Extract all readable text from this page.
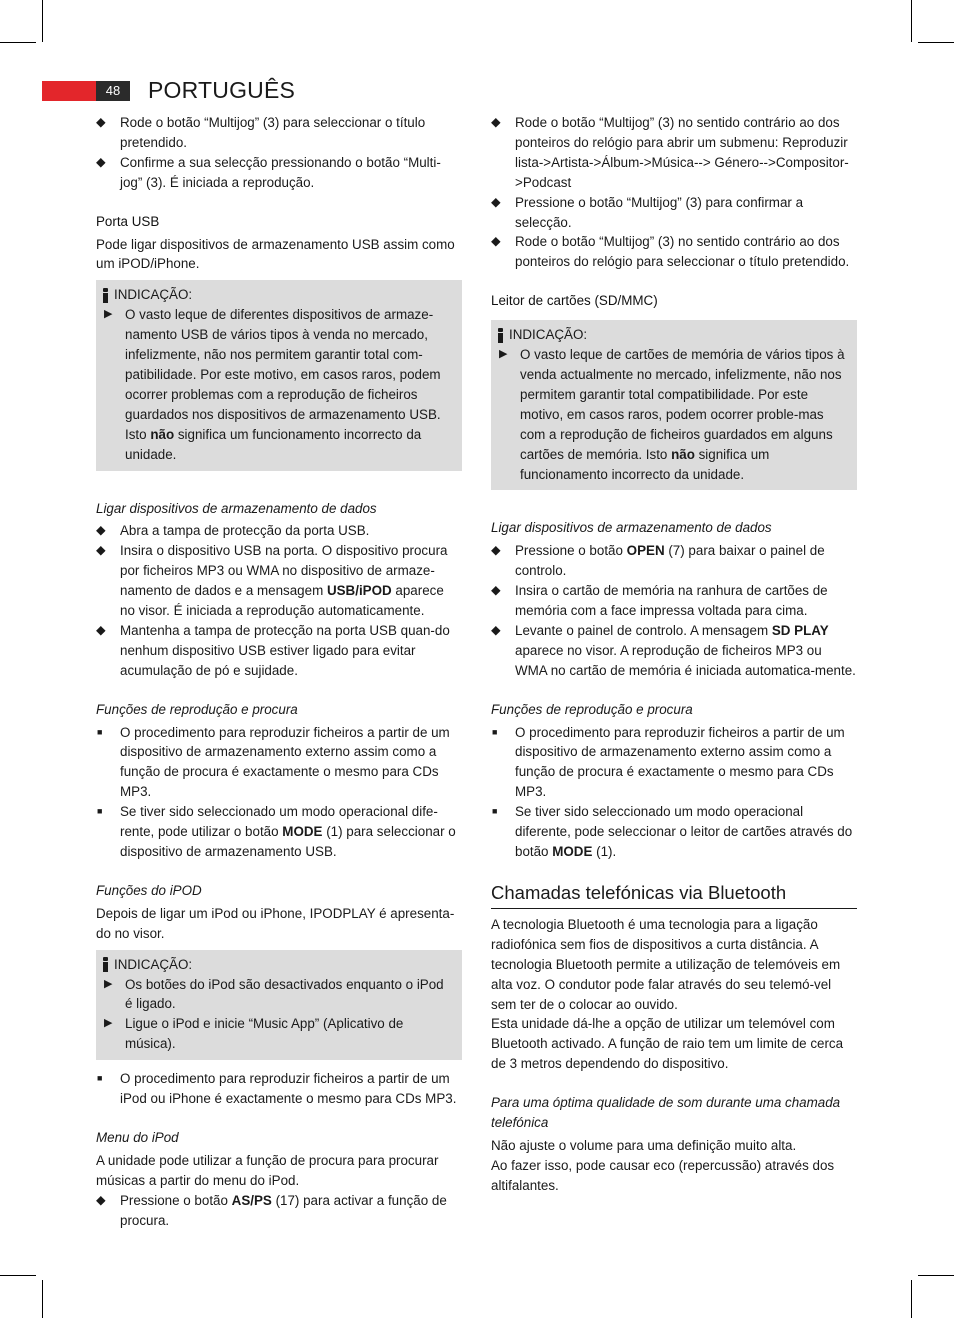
48	PORTUGUÊS
◆ Rode o botão “Multijog” (3) para seleccionar o título pretendido.
◆ Confirme a sua selecção pressionando o botão “Multi-jog” (3). É iniciada a reprodução.

Porta USB

Pode ligar dispositivos de armazenamento USB assim como um iPOD/iPhone.

INDICAÇÃO:
▶ O vasto leque de diferentes dispositivos de armaze-namento USB de vários tipos à venda no mercado, infelizmente, não nos permitem garantir total com-patibilidade. Por este motivo, em casos raros, podem ocorrer problemas com a reprodução de ficheiros guardados nos dispositivos de armazenamento USB. Isto não significa um funcionamento incorrecto da unidade.

Ligar dispositivos de armazenamento de dados

◆ Abra a tampa de protecção da porta USB.
◆ Insira o dispositivo USB na porta. O dispositivo procura por ficheiros MP3 ou WMA no dispositivo de armaze-namento de dados e a mensagem USB/iPOD aparece no visor. É iniciada a reprodução automaticamente.
◆ Mantenha a tampa de protecção na porta USB quan-do nenhum dispositivo USB estiver ligado para evitar acumulação de pó e sujidade.

Funções de reprodução e procura

■ O procedimento para reproduzir ficheiros a partir de um dispositivo de armazenamento externo assim como a função de procura é exactamente o mesmo para CDs MP3.
■ Se tiver sido seleccionado um modo operacional dife-rente, pode utilizar o botão MODE (1) para seleccionar o dispositivo de armazenamento USB.

Funções do iPOD

Depois de ligar um iPod ou iPhone, IPODPLAY é apresenta-do no visor.

INDICAÇÃO:
▶ Os botões do iPod são desactivados enquanto o iPod é ligado.
▶ Ligue o iPod e inicie “Music App” (Aplicativo de música).
■ O procedimento para reproduzir ficheiros a partir de um iPod ou iPhone é exactamente o mesmo para CDs MP3.

Menu do iPod

A unidade pode utilizar a função de procura para procurar músicas a partir do menu do iPod.

◆ Pressione o botão AS/PS (17) para activar a função de procura.
◆ Rode o botão “Multijog” (3) no sentido contrário ao dos ponteiros do relógio para abrir um submenu: Reproduzir lista->Artista->Álbum->Música--> Género-->Compositor->Podcast
◆ Pressione o botão “Multijog” (3) para confirmar a selecção.
◆ Rode o botão “Multijog” (3) no sentido contrário ao dos ponteiros do relógio para seleccionar o título pretendido.

Leitor de cartões (SD/MMC)

INDICAÇÃO:
▶ O vasto leque de cartões de memória de vários tipos à venda actualmente no mercado, infelizmente, não nos permitem garantir total compatibilidade. Por este motivo, em casos raros, podem ocorrer proble-mas com a reprodução de ficheiros guardados em alguns cartões de memória. Isto não significa um funcionamento incorrecto da unidade.

Ligar dispositivos de armazenamento de dados

◆ Pressione o botão OPEN (7) para baixar o painel de controlo.
◆ Insira o cartão de memória na ranhura de cartões de memória com a face impressa voltada para cima.
◆ Levante o painel de controlo. A mensagem SD PLAY aparece no visor. A reprodução de ficheiros MP3 ou WMA no cartão de memória é iniciada automatica-mente.

Funções de reprodução e procura

■ O procedimento para reproduzir ficheiros a partir de um dispositivo de armazenamento externo assim como a função de procura é exactamente o mesmo para CDs MP3.
■ Se tiver sido seleccionado um modo operacional diferente, pode seleccionar o leitor de cartões através do botão MODE (1).
Chamadas telefónicas via Bluetooth

A tecnologia Bluetooth é uma tecnologia para a ligação radiofónica sem fios de dispositivos a curta distância. A tecnologia Bluetooth permite a utilização de telemóveis em alta voz. O condutor pode falar através do seu telemó-vel sem ter de o colocar ao ouvido.

Esta unidade dá-lhe a opção de utilizar um telemóvel com Bluetooth activado. A função de raio tem um limite de cerca de 3 metros dependendo do dispositivo.

Para uma óptima qualidade de som durante uma chamada telefónica

Não ajuste o volume para uma definição muito alta.

Ao fazer isso, pode causar eco (repercussão) através dos altifalantes.
